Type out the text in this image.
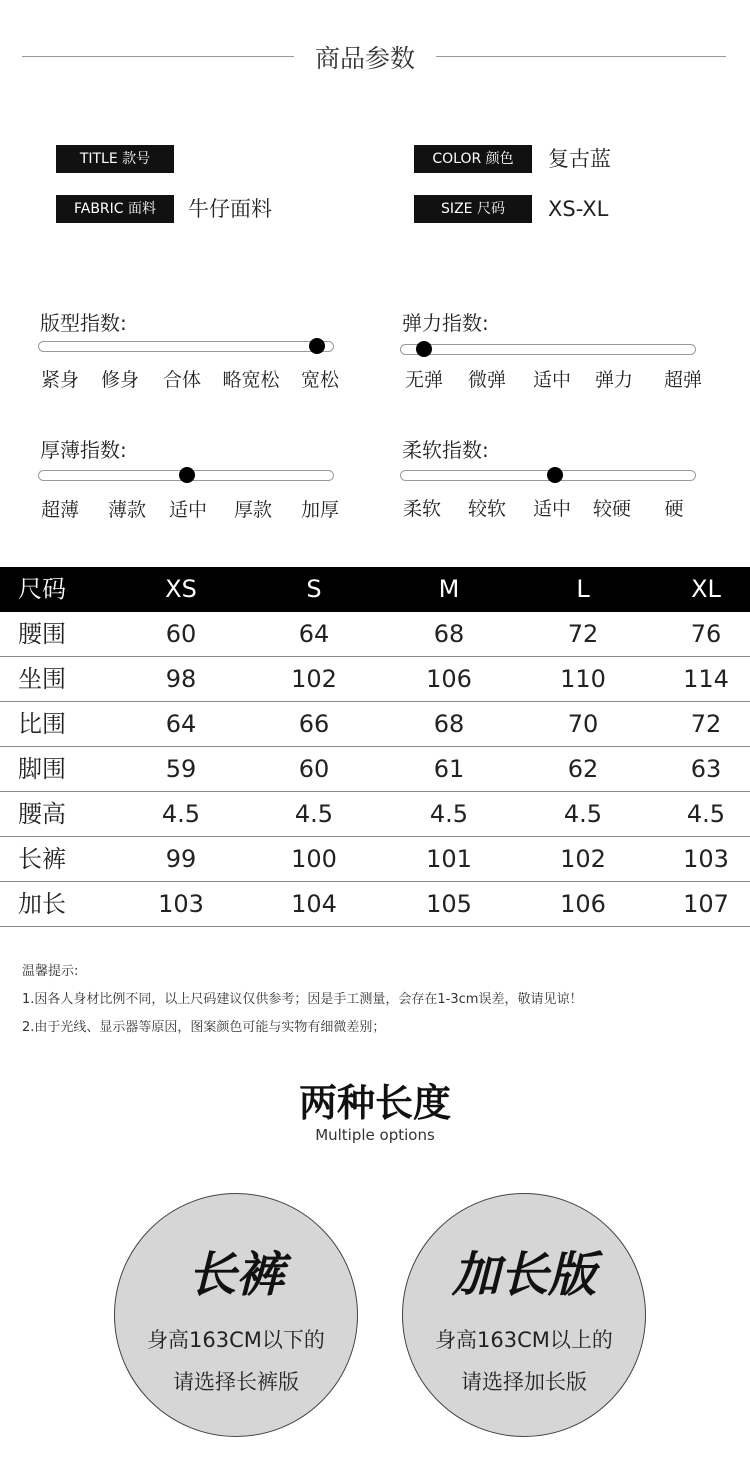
商品参数
TITLE 款号
FABRIC 面料	牛仔面料
COLOR 颜色	复古蓝
SIZE 尺码	XS-XL
版型指数:
紧身 修身 合体 略宽松 宽松
弹力指数:
无弹 微弹 适中 弹力 超弹
厚薄指数:
超薄 薄款 适中 厚款 加厚
柔软指数:
柔软 较软 适中 较硬 硬
尺码	XS	S	M	L	XL
腰围	60	64	68	72	76
坐围	98	102	106	110	114
比围	64	66	68	70	72
脚围	59	60	61	62	63
腰高	4.5	4.5	4.5	4.5	4.5
长裤	99	100	101	102	103
加长	103	104	105	106	107
温馨提示:
1.因各人身材比例不同，以上尺码建议仅供参考；因是手工测量，会存在1-3cm误差，敬请见谅！
2.由于光线、显示器等原因，图案颜色可能与实物有细微差别；
两种长度
Multiple options
长裤
身高163CM以下的
请选择长裤版
加长版
身高163CM以上的
请选择加长版
